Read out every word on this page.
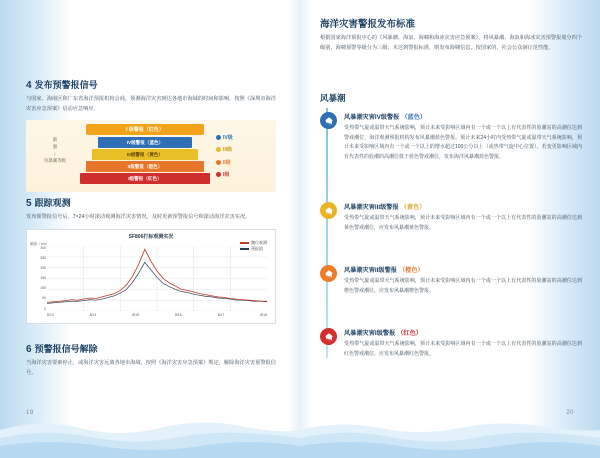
4 发布预警报信号

与国家、海南区和广东省海洋预报机构会商，预测海洋灾害到达各地市海域的时间和影响，按照《深圳市海洋灾害应急预案》启动应急响应。

I 级警报（红色）
渐
强
↓
风暴潮等级
IV级警报（蓝色）
III级警报（黄色）
II级警报（橙色）
I级警报（红色）
IV级
III级
II级
I级
5 跟踪观测

发布预警报信号后，7×24小时滚动观测海洋灾害情况，及时更新预警报信号和滚动海洋灾害实况。

SF806打标观测实况
潮位观测
预报值
潮高（cm）
300
250
200
150
100
50
0
8/13	8/14	8/15	8/16	8/17	8/18
6 预警报信号解除

当海洋灾害要素停止，或海洋灾害远离各地市海域，按照《海洋灾害应急预案》规定，解除海洋灾害预警报信号。

19
海洋灾害警报发布标准
根据国家海洋预报中心的《风暴潮、海浪、海啸和海冰灾害应急预案》，将风暴潮、海浪和海冰灾害预警报划分四个级别，海啸预警等级分为三级；未达到警报标准，则发布海啸信息，按国家的、社会公众制订范性能。
风暴潮
风暴潮灾害IV级警报 （蓝色）
受热带气旋或温带天气系统影响，预计未来受影响区域内有一个或一个以上有代表性的验潮站的高潮位达到警戒潮位，海洋观测预报机构发布风暴潮蓝色警报。预计未来24小时内受热带气旋或温带天气系统影响，预计未来受影响区域内有一个或一个以上的增水超过100公分以上（或热带气旋中心位置），若变更影响区域内有代表性的验潮的高潮位低于蓝色警戒潮位，发布海洋风暴潮蓝色警报。
风暴潮灾害III级警报 （黄色）
受热带气旋或温带天气系统影响，预计未来受影响区域内有一个或一个以上有代表性的验潮站的高潮位达到黄色警戒潮位，应发布风暴潮黄色警报。
风暴潮灾害II级警报 （橙色）
受热带气旋或温带天气系统影响，预计未来受影响区域内有一个或一个以上有代表性的验潮站的高潮位达到橙色警戒潮位，应发布风暴潮橙色警报。
风暴潮灾害I级警报 （红色）
受热带气旋或温带天气系统影响，预计未来受影响区域内有一个或一个以上有代表性的验潮站的高潮位达到红色警戒潮位，应发布风暴潮红色警报。
20
